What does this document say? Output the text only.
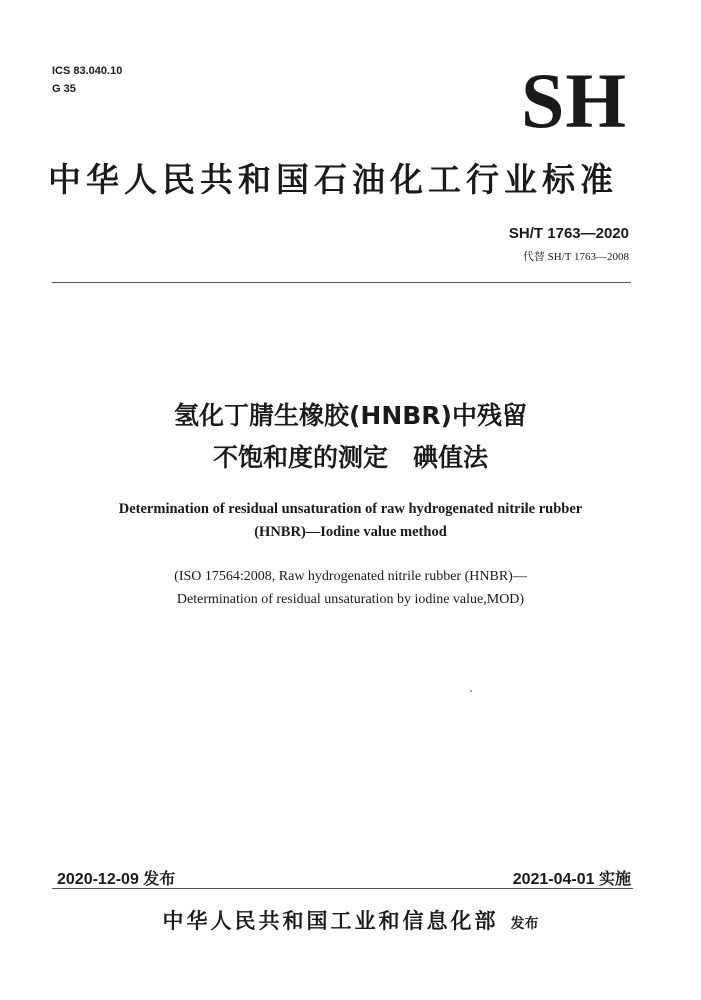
ICS 83.040.10
G 35	SH
中华人民共和国石油化工行业标准
SH/T 1763—2020
代替 SH/T 1763—2008
氢化丁腈生橡胶(HNBR)中残留
不饱和度的测定　碘值法
Determination of residual unsaturation of raw hydrogenated nitrile rubber
(HNBR)—Iodine value method
(ISO 17564:2008, Raw hydrogenated nitrile rubber (HNBR)—
Determination of residual unsaturation by iodine value,MOD)
2020-12-09 发布	2021-04-01 实施
中华人民共和国工业和信息化部 发布
